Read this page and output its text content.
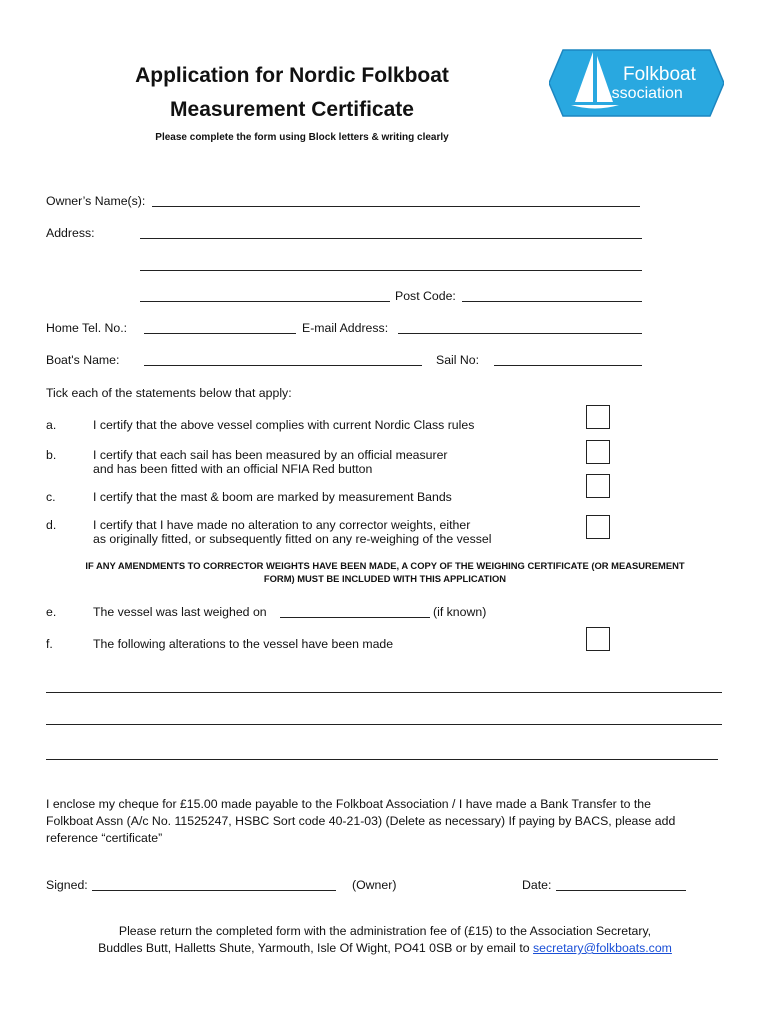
Application for Nordic Folkboat
Measurement Certificate
Please complete the form using Block letters & writing clearly
Folkboat
Association
Owner’s Name(s):
Address:
Post Code:
Home Tel. No.:	E-mail Address:
Boat's Name:	Sail No:
Tick each of the statements below that apply:
a.	I certify that the above vessel complies with current Nordic Class rules
b.	I certify that each sail has been measured by an official measurer
and has been fitted with an official NFIA Red button
c.	I certify that the mast & boom are marked by measurement Bands
d.	I certify that I have made no alteration to any corrector weights, either
as originally fitted, or subsequently fitted on any re-weighing of the vessel
IF ANY AMENDMENTS TO CORRECTOR WEIGHTS HAVE BEEN MADE, A COPY OF THE WEIGHING CERTIFICATE (OR MEASUREMENT
FORM) MUST BE INCLUDED WITH THIS APPLICATION
e.	The vessel was last weighed on	(if known)
f.	The following alterations to the vessel have been made
I enclose my cheque for £15.00 made payable to the Folkboat Association / I have made a Bank Transfer to the
Folkboat Assn (A/c No. 11525247, HSBC Sort code 40-21-03) (Delete as necessary) If paying by BACS, please add
reference “certificate”
Signed:	(Owner)	Date:
Please return the completed form with the administration fee of (£15) to the Association Secretary,
Buddles Butt, Halletts Shute, Yarmouth, Isle Of Wight, PO41 0SB or by email to secretary@folkboats.com
